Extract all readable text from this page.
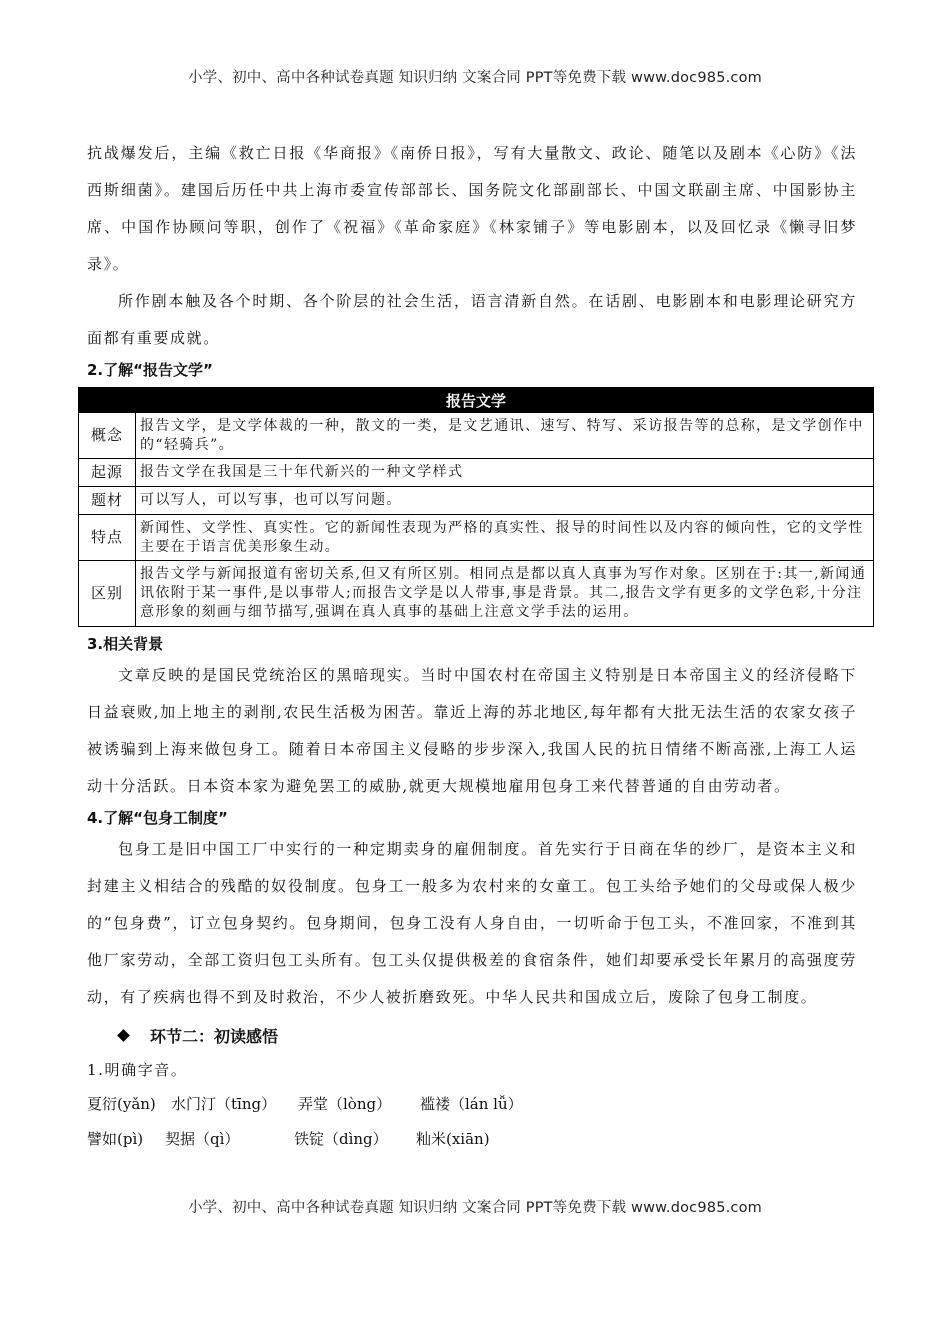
小学、初中、高中各种试卷真题 知识归纳 文案合同 PPT等免费下载 www.doc985.com

抗战爆发后，主编《救亡日报《华商报》《南侨日报》，写有大量散文、政论、随笔以及剧本《心防》《法西斯细菌》。建国后历任中共上海市委宣传部部长、国务院文化部副部长、中国文联副主席、中国影协主席、中国作协顾问等职，创作了《祝福》《革命家庭》《林家铺子》等电影剧本，以及回忆录《懒寻旧梦录》。

所作剧本触及各个时期、各个阶层的社会生活，语言清新自然。在话剧、电影剧本和电影理论研究方面都有重要成就。

2.了解“报告文学”

报告文学	
概念	报告文学，是文学体裁的一种，散文的一类，是文艺通讯、速写、特写、采访报告等的总称，是文学创作中的“轻骑兵”。
起源	报告文学在我国是三十年代新兴的一种文学样式
题材	可以写人，可以写事，也可以写问题。
特点	新闻性、文学性、真实性。它的新闻性表现为严格的真实性、报导的时间性以及内容的倾向性，它的文学性主要在于语言优美形象生动。
区别	报告文学与新闻报道有密切关系,但又有所区别。相同点是都以真人真事为写作对象。区别在于:其一,新闻通讯依附于某一事件,是以事带人;而报告文学是以人带事,事是背景。其二,报告文学有更多的文学色彩,十分注意形象的刻画与细节描写,强调在真人真事的基础上注意文学手法的运用。

3.相关背景

文章反映的是国民党统治区的黑暗现实。当时中国农村在帝国主义特别是日本帝国主义的经济侵略下日益衰败,加上地主的剥削,农民生活极为困苦。靠近上海的苏北地区,每年都有大批无法生活的农家女孩子被诱骗到上海来做包身工。随着日本帝国主义侵略的步步深入,我国人民的抗日情绪不断高涨,上海工人运动十分活跃。日本资本家为避免罢工的威胁,就更大规模地雇用包身工来代替普通的自由劳动者。

4.了解“包身工制度”

包身工是旧中国工厂中实行的一种定期卖身的雇佣制度。首先实行于日商在华的纱厂，是资本主义和封建主义相结合的残酷的奴役制度。包身工一般多为农村来的女童工。包工头给予她们的父母或保人极少的“包身费”，订立包身契约。包身期间，包身工没有人身自由，一切听命于包工头，不准回家，不准到其他厂家劳动，全部工资归包工头所有。包工头仅提供极差的食宿条件，她们却要承受长年累月的高强度劳动，有了疾病也得不到及时救治，不少人被折磨致死。中华人民共和国成立后，废除了包身工制度。

环节二：初读感悟

1.明确字音。

夏衍(yǎn)	水门汀（tīng）	弄堂（lòng）	褴褛（lán lǚ）
譬如(pì)	契据（qì）	铁锭（dìng）	籼米(xiān)
小学、初中、高中各种试卷真题 知识归纳 文案合同 PPT等免费下载 www.doc985.com
